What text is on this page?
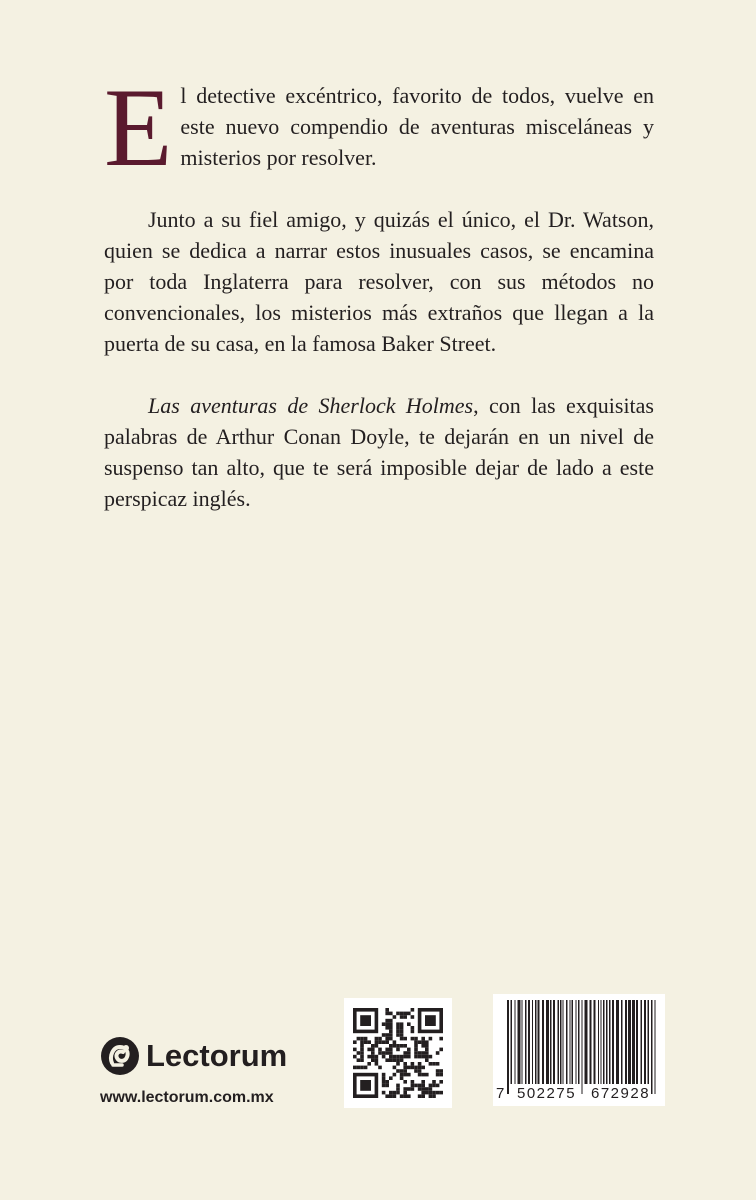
El detective excéntrico, favorito de todos, vuelve en este nuevo compendio de aventuras misceláneas y misterios por resolver.

Junto a su fiel amigo, y quizás el único, el Dr. Watson, quien se dedica a narrar estos inusuales casos, se encamina por toda Inglaterra para resolver, con sus métodos no convencionales, los misterios más extraños que llegan a la puerta de su casa, en la famosa Baker Street.

Las aventuras de Sherlock Holmes, con las exquisitas palabras de Arthur Conan Doyle, te dejarán en un nivel de suspenso tan alto, que te será imposible dejar de lado a este perspicaz inglés.

Lectorum
www.lectorum.com.mx	7 502275 672928
